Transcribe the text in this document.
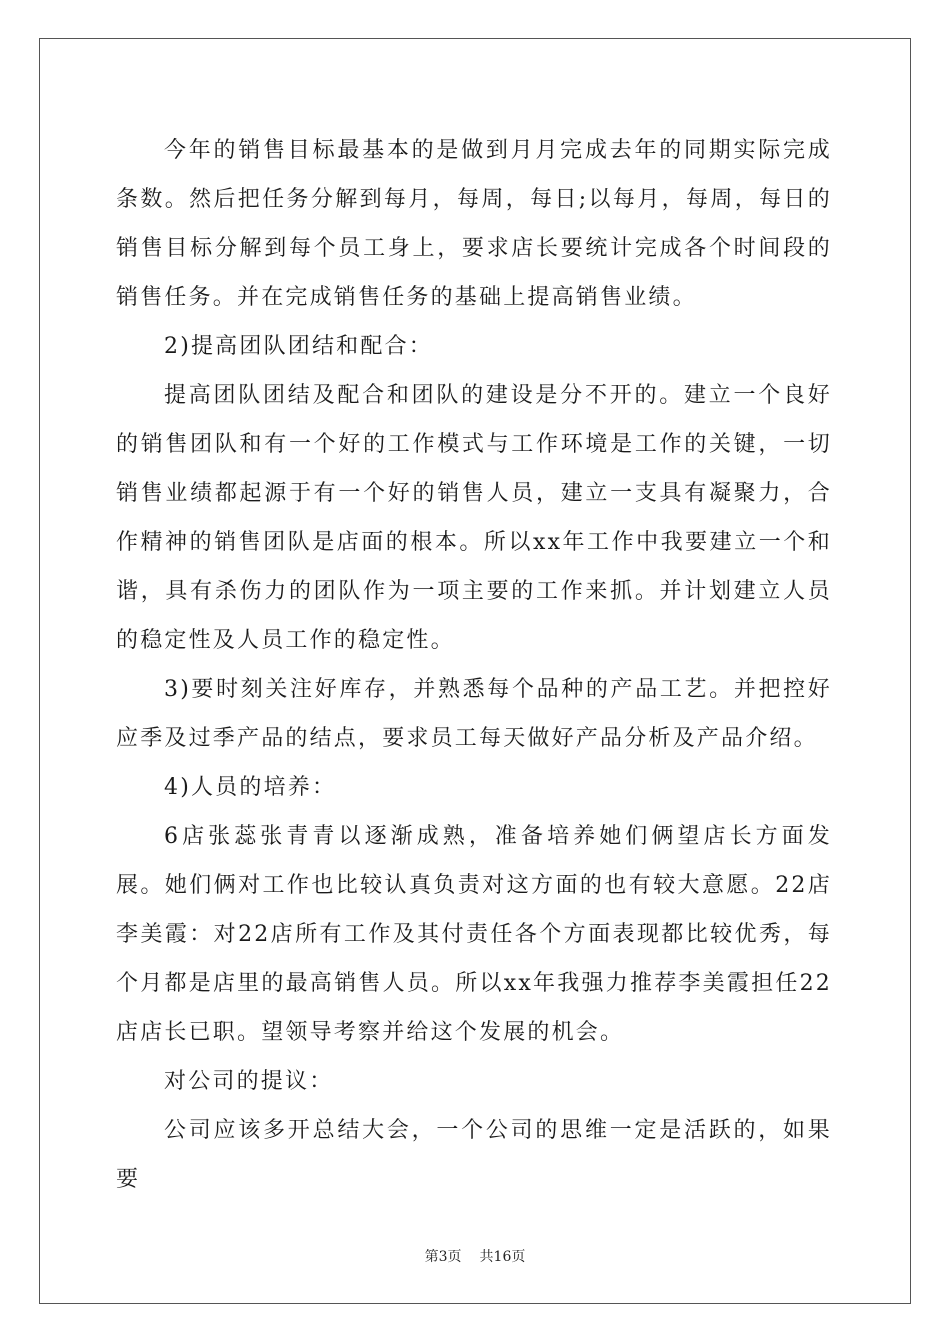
今年的销售目标最基本的是做到月月完成去年的同期实际完成条数。然后把任务分解到每月，每周，每日;以每月，每周，每日的销售目标分解到每个员工身上，要求店长要统计完成各个时间段的销售任务。并在完成销售任务的基础上提高销售业绩。

2)提高团队团结和配合：

提高团队团结及配合和团队的建设是分不开的。建立一个良好的销售团队和有一个好的工作模式与工作环境是工作的关键，一切销售业绩都起源于有一个好的销售人员，建立一支具有凝聚力，合作精神的销售团队是店面的根本。所以xx年工作中我要建立一个和谐，具有杀伤力的团队作为一项主要的工作来抓。并计划建立人员的稳定性及人员工作的稳定性。

3)要时刻关注好库存，并熟悉每个品种的产品工艺。并把控好应季及过季产品的结点，要求员工每天做好产品分析及产品介绍。

4)人员的培养：

6店张蕊张青青以逐渐成熟，准备培养她们俩望店长方面发展。她们俩对工作也比较认真负责对这方面的也有较大意愿。22店李美霞：对22店所有工作及其付责任各个方面表现都比较优秀，每个月都是店里的最高销售人员。所以xx年我强力推荐李美霞担任22店店长已职。望领导考察并给这个发展的机会。

对公司的提议：

公司应该多开总结大会，一个公司的思维一定是活跃的，如果要

第3页 共16页
